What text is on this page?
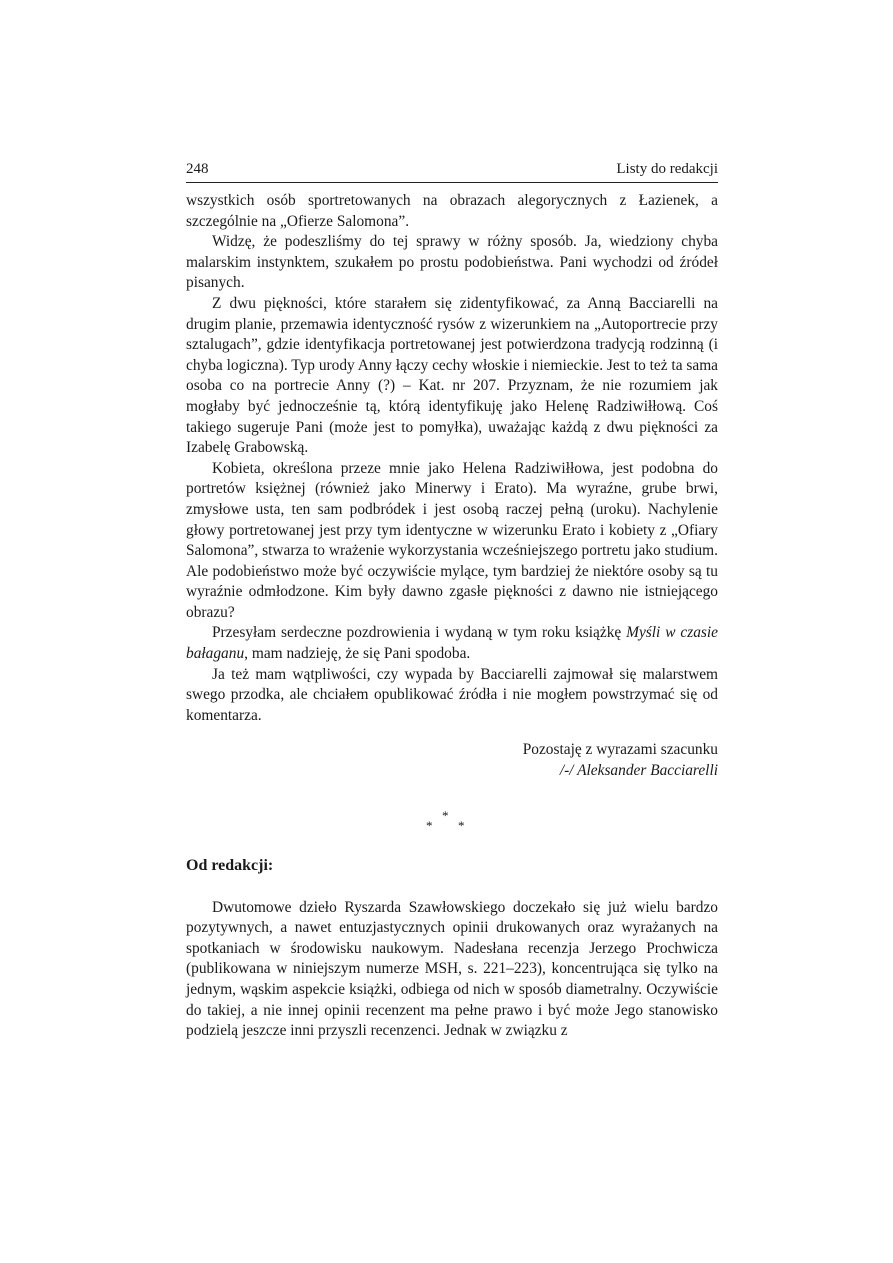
248	Listy do redakcji

wszystkich osób sportretowanych na obrazach alegorycznych z Łazienek, a szczególnie na „Ofierze Salomona”.

Widzę, że podeszliśmy do tej sprawy w różny sposób. Ja, wiedziony chyba malarskim instynktem, szukałem po prostu podobieństwa. Pani wychodzi od źródeł pisanych.

Z dwu piękności, które starałem się zidentyfikować, za Anną Bacciarelli na drugim planie, przemawia identyczność rysów z wizerunkiem na „Autoportrecie przy sztalugach”, gdzie identyfikacja portretowanej jest potwierdzona tradycją rodzinną (i chyba logiczna). Typ urody Anny łączy cechy włoskie i niemieckie. Jest to też ta sama osoba co na portrecie Anny (?) – Kat. nr 207. Przyznam, że nie rozumiem jak mogłaby być jednocześnie tą, którą identyfikuję jako Helenę Radziwiłłową. Coś takiego sugeruje Pani (może jest to pomyłka), uważając każdą z dwu piękności za Izabelę Grabowską.

Kobieta, określona przeze mnie jako Helena Radziwiłłowa, jest podobna do portretów księżnej (również jako Minerwy i Erato). Ma wyraźne, grube brwi, zmysłowe usta, ten sam podbródek i jest osobą raczej pełną (uroku). Nachylenie głowy portretowanej jest przy tym identyczne w wizerunku Erato i kobiety z „Ofiary Salomona”, stwarza to wrażenie wykorzystania wcześniejszego portretu jako studium. Ale podobieństwo może być oczywiście mylące, tym bardziej że niektóre osoby są tu wyraźnie odmłodzone. Kim były dawno zgasłe piękności z dawno nie istniejącego obrazu?

Przesyłam serdeczne pozdrowienia i wydaną w tym roku książkę Myśli w czasie bałaganu, mam nadzieję, że się Pani spodoba.

Ja też mam wątpliwości, czy wypada by Bacciarelli zajmował się malarstwem swego przodka, ale chciałem opublikować źródła i nie mogłem powstrzymać się od komentarza.

Pozostaję z wyrazami szacunku
/-/ Aleksander Bacciarelli
*
*
*
Od redakcji:

Dwutomowe dzieło Ryszarda Szawłowskiego doczekało się już wielu bardzo pozytywnych, a nawet entuzjastycznych opinii drukowanych oraz wyrażanych na spotkaniach w środowisku naukowym. Nadesłana recenzja Jerzego Prochwicza (publikowana w niniejszym numerze MSH, s. 221–223), koncentrująca się tylko na jednym, wąskim aspekcie książki, odbiega od nich w sposób diametralny. Oczywiście do takiej, a nie innej opinii recenzent ma pełne prawo i być może Jego stanowisko podzielą jeszcze inni przyszli recenzenci. Jednak w związku z
